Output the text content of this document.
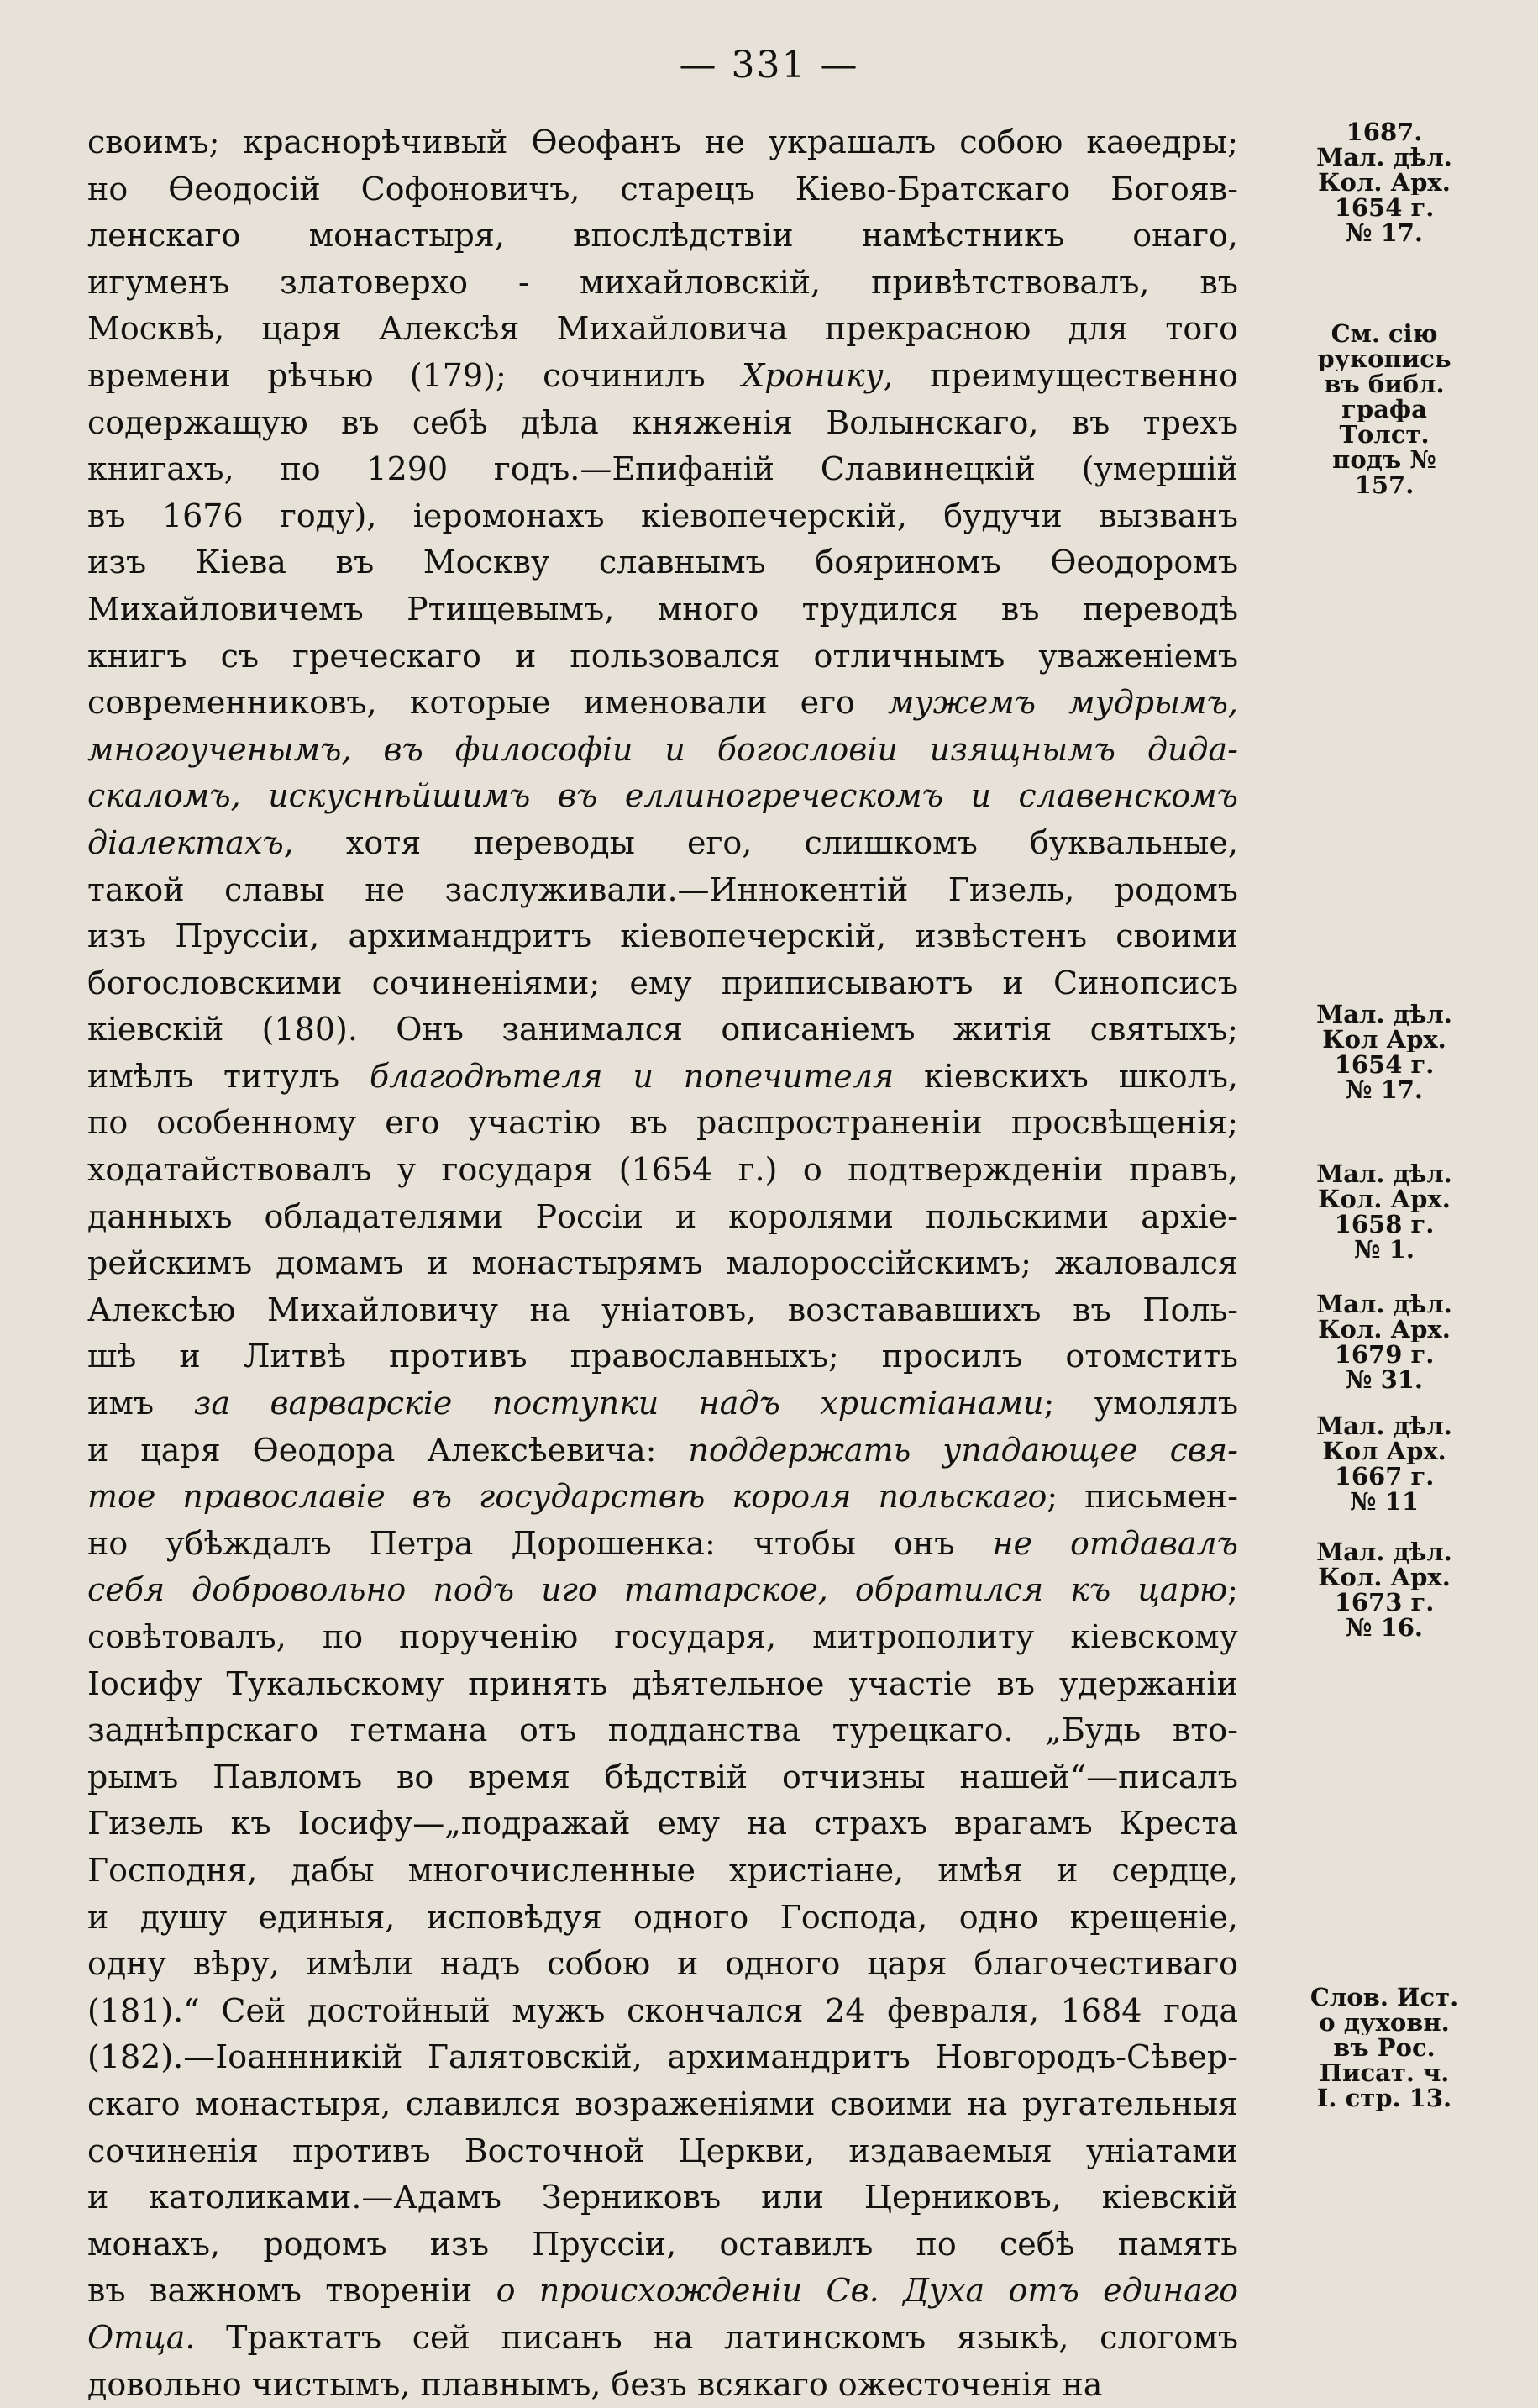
— 331 —
своимъ; краснорѣчивый Ѳеофанъ не украшалъ собою каѳедры;
но Ѳеодосій Софоновичъ, старецъ Кіево-Братскаго Богояв-
ленскаго монастыря, впослѣдствіи намѣстникъ онаго,
игуменъ златоверхо - михайловскій, привѣтствовалъ, въ
Москвѣ, царя Алексѣя Михайловича прекрасною для того
времени рѣчью (179); сочинилъ Хронику, преимущественно
содержащую въ себѣ дѣла княженія Волынскаго, въ трехъ
книгахъ, по 1290 годъ.—Епифаній Славинецкій (умершій
въ 1676 году), іеромонахъ кіевопечерскій, будучи вызванъ
изъ Кіева въ Москву славнымъ бояриномъ Ѳеодоромъ
Михайловичемъ Ртищевымъ, много трудился въ переводѣ
книгъ съ греческаго и пользовался отличнымъ уваженіемъ
современниковъ, которые именовали его мужемъ мудрымъ,
многоученымъ, въ философіи и богословіи изящнымъ дида-
скаломъ, искуснѣйшимъ въ еллиногреческомъ и славенскомъ
діалектахъ, хотя переводы его, слишкомъ буквальные,
такой славы не заслуживали.—Иннокентій Гизель, родомъ
изъ Пруссіи, архимандритъ кіевопечерскій, извѣстенъ своими
богословскими сочиненіями; ему приписываютъ и Синопсисъ
кіевскій (180). Онъ занимался описаніемъ житія святыхъ;
имѣлъ титулъ благодѣтеля и попечителя кіевскихъ школъ,
по особенному его участію въ распространеніи просвѣщенія;
ходатайствовалъ у государя (1654 г.) о подтвержденіи правъ,
данныхъ обладателями Россіи и королями польскими архіе-
рейскимъ домамъ и монастырямъ малороссійскимъ; жаловался
Алексѣю Михайловичу на уніатовъ, возстававшихъ въ Поль-
шѣ и Литвѣ противъ православныхъ; просилъ отомстить
имъ за варварскіе поступки надъ христіанами; умолялъ
и царя Ѳеодора Алексѣевича: поддержать упадающее свя-
тое православіе въ государствѣ короля польскаго; письмен-
но убѣждалъ Петра Дорошенка: чтобы онъ не отдавалъ
себя добровольно подъ иго татарское, обратился къ царю;
совѣтовалъ, по порученію государя, митрополиту кіевскому
Іосифу Тукальскому принять дѣятельное участіе въ удержаніи
заднѣпрскаго гетмана отъ подданства турецкаго. „Будь вто-
рымъ Павломъ во время бѣдствій отчизны нашей“—писалъ
Гизель къ Іосифу—„подражай ему на страхъ врагамъ Креста
Господня, дабы многочисленные христіане, имѣя и сердце,
и душу единыя, исповѣдуя одного Господа, одно крещеніе,
одну вѣру, имѣли надъ собою и одного царя благочестиваго
(181).“ Сей достойный мужъ скончался 24 февраля, 1684 года
(182).—Іоаннникій Галятовскій, архимандритъ Новгородъ-Сѣвер-
скаго монастыря, славился возраженіями своими на ругательныя
сочиненія противъ Восточной Церкви, издаваемыя уніатами
и католиками.—Адамъ Зерниковъ или Церниковъ, кіевскій
монахъ, родомъ изъ Пруссіи, оставилъ по себѣ память
въ важномъ твореніи о происхожденіи Св. Духа отъ единаго
Отца. Трактатъ сей писанъ на латинскомъ языкѣ, слогомъ
довольно чистымъ, плавнымъ, безъ всякаго ожесточенія на
1687.
Мал. дѣл.
Кол. Арх.
1654 г.
№ 17.
См. сію
рукопись
въ библ.
графа
Толст.
подъ №
157.
Мал. дѣл.
Кол Арх.
1654 г.
№ 17.
Мал. дѣл.
Кол. Арх.
1658 г.
№ 1.
Мал. дѣл.
Кол. Арх.
1679 г.
№ 31.
Мал. дѣл.
Кол Арх.
1667 г.
№ 11
Мал. дѣл.
Кол. Арх.
1673 г.
№ 16.
Слов. Ист.
о духовн.
въ Рос.
Писат. ч.
I. стр. 13.
